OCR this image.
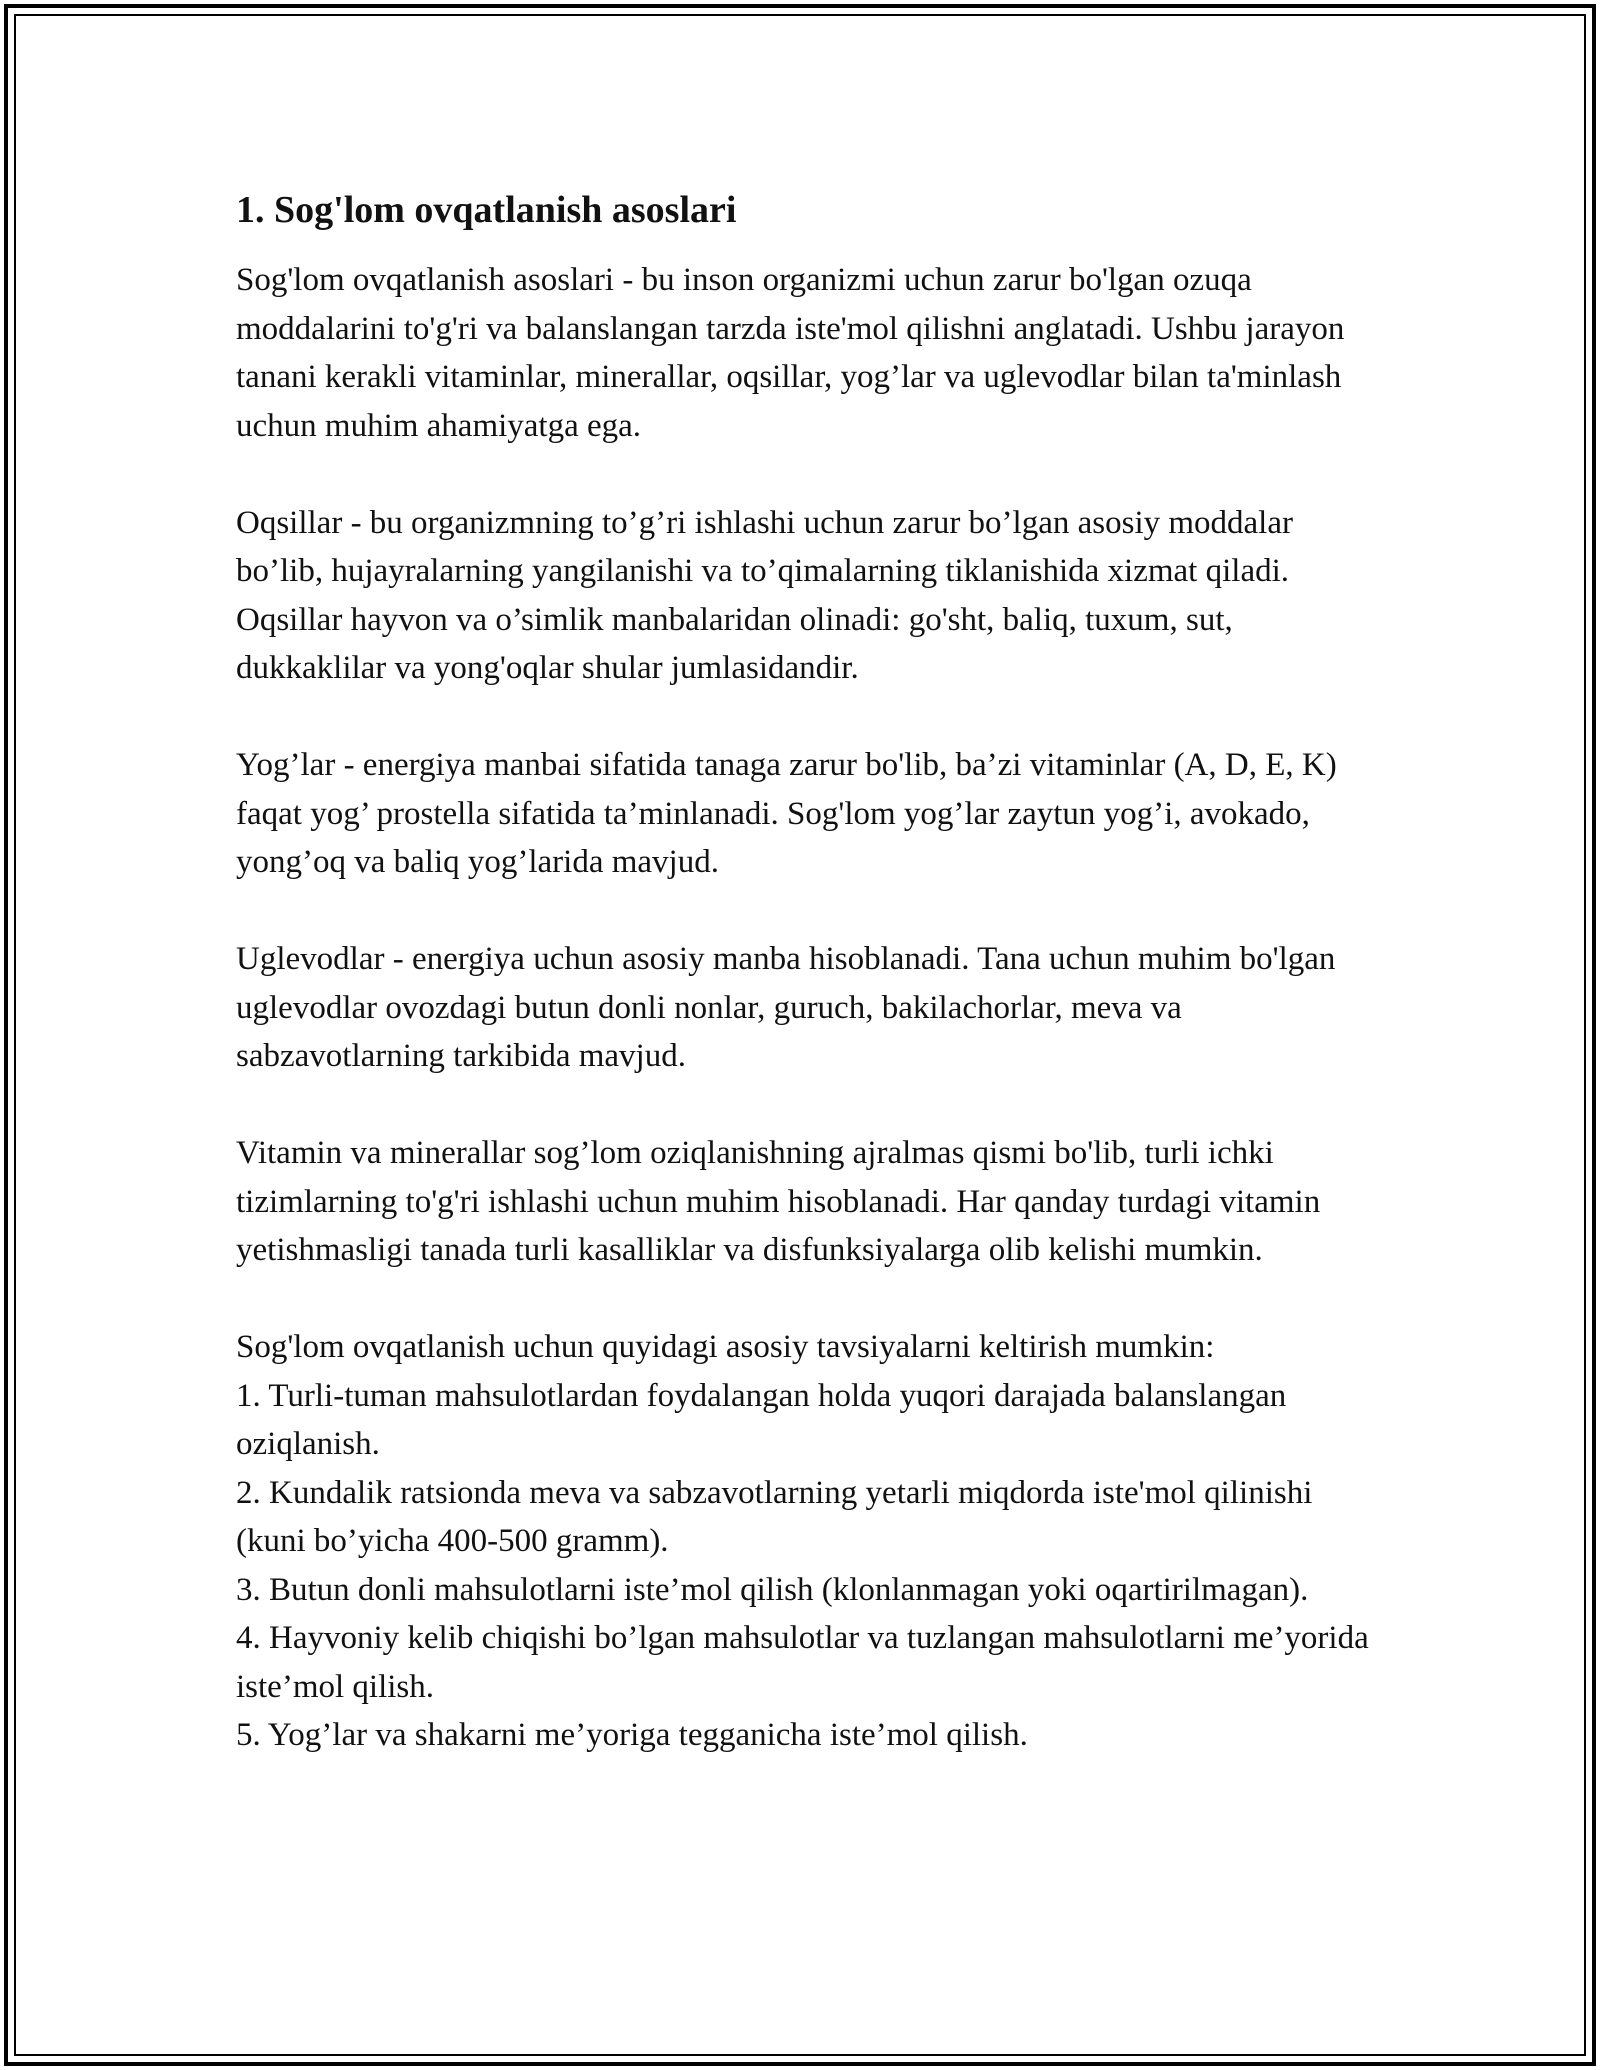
1. Sog'lom ovqatlanish asoslari

Sog'lom ovqatlanish asoslari - bu inson organizmi uchun zarur bo'lgan ozuqa moddalarini to'g'ri va balanslangan tarzda iste'mol qilishni anglatadi. Ushbu jarayon tanani kerakli vitaminlar, minerallar, oqsillar, yog’lar va uglevodlar bilan ta'minlash uchun muhim ahamiyatga ega.

Oqsillar - bu organizmning to’g’ri ishlashi uchun zarur bo’lgan asosiy moddalar bo’lib, hujayralarning yangilanishi va to’qimalarning tiklanishida xizmat qiladi. Oqsillar hayvon va o’simlik manbalaridan olinadi: go'sht, baliq, tuxum, sut, dukkaklilar va yong'oqlar shular jumlasidandir.

Yog’lar - energiya manbai sifatida tanaga zarur bo'lib, ba’zi vitaminlar (A, D, E, K) faqat yog’ prostella sifatida ta’minlanadi. Sog'lom yog’lar zaytun yog’i, avokado, yong’oq va baliq yog’larida mavjud.

Uglevodlar - energiya uchun asosiy manba hisoblanadi. Tana uchun muhim bo'lgan uglevodlar ovozdagi butun donli nonlar, guruch, bakilachorlar, meva va sabzavotlarning tarkibida mavjud.

Vitamin va minerallar sog’lom oziqlanishning ajralmas qismi bo'lib, turli ichki tizimlarning to'g'ri ishlashi uchun muhim hisoblanadi. Har qanday turdagi vitamin yetishmasligi tanada turli kasalliklar va disfunksiyalarga olib kelishi mumkin.

Sog'lom ovqatlanish uchun quyidagi asosiy tavsiyalarni keltirish mumkin:
1. Turli-tuman mahsulotlardan foydalangan holda yuqori darajada balanslangan oziqlanish.
2. Kundalik ratsionda meva va sabzavotlarning yetarli miqdorda iste'mol qilinishi (kuni bo’yicha 400-500 gramm).
3. Butun donli mahsulotlarni iste’mol qilish (klonlanmagan yoki oqartirilmagan).
4. Hayvoniy kelib chiqishi bo’lgan mahsulotlar va tuzlangan mahsulotlarni me’yorida iste’mol qilish.
5. Yog’lar va shakarni me’yoriga tegganicha iste’mol qilish.
